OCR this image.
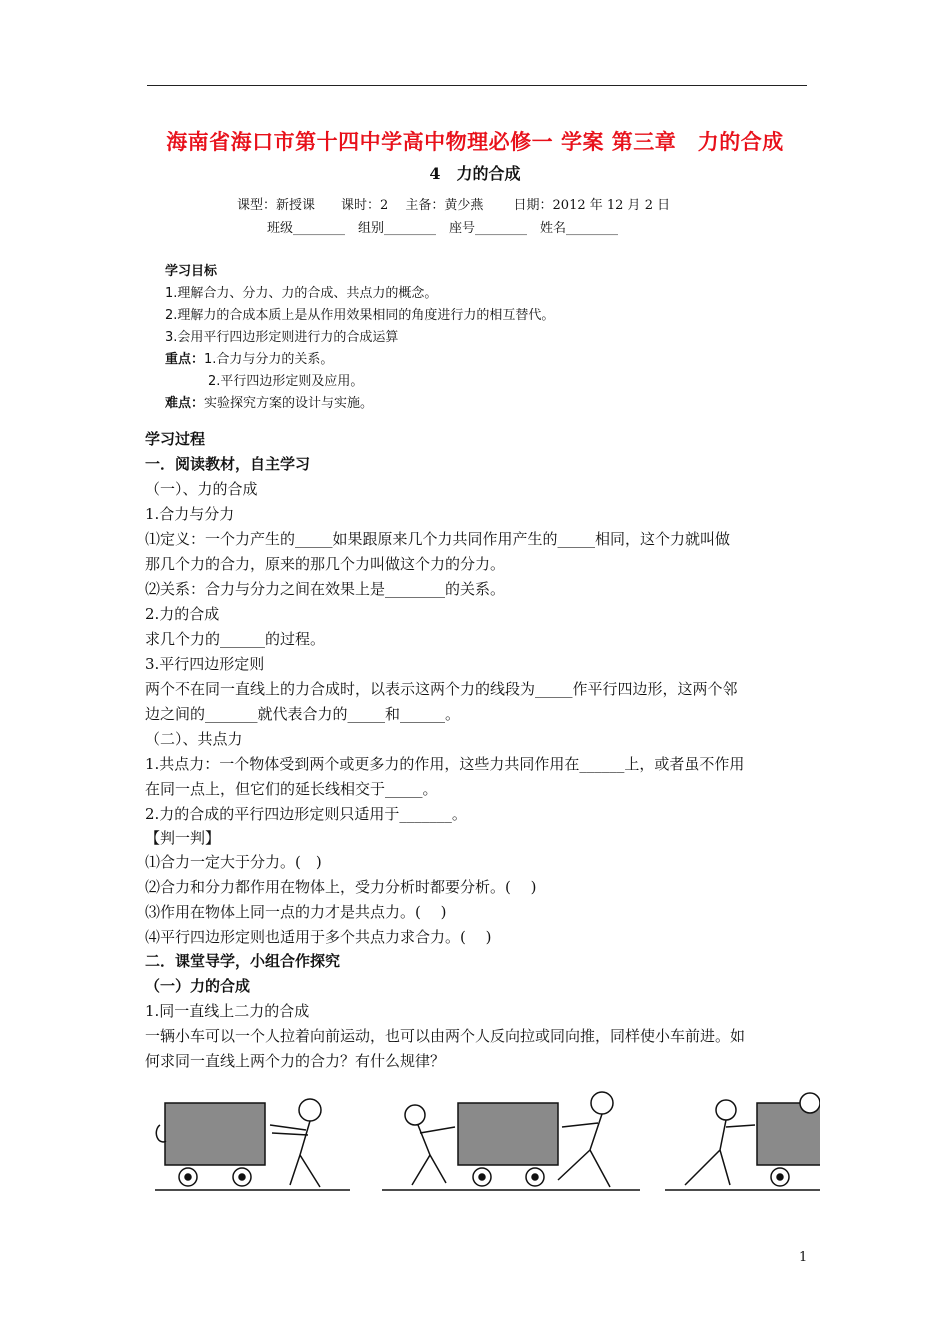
海南省海口市第十四中学高中物理必修一 学案 第三章　力的合成
4　力的合成
课型：新授课　　课时：2　 主备：黄少燕　　 日期：2012 年 12 月 2 日
班级________　组别________　座号________　姓名________
学习目标
1.理解合力、分力、力的合成、共点力的概念。
2.理解力的合成本质上是从作用效果相同的角度进行力的相互替代。
3.会用平行四边形定则进行力的合成运算
重点：1.合力与分力的关系。
2.平行四边形定则及应用。
难点：实验探究方案的设计与实施。
学习过程
一．阅读教材，自主学习
（一）、力的合成
1.合力与分力
⑴定义：一个力产生的_____如果跟原来几个力共同作用产生的_____相同，这个力就叫做
那几个力的合力，原来的那几个力叫做这个力的分力。
⑵关系：合力与分力之间在效果上是________的关系。
2.力的合成
求几个力的______的过程。
3.平行四边形定则
两个不在同一直线上的力合成时，以表示这两个力的线段为_____作平行四边形，这两个邻
边之间的_______就代表合力的_____和______。
（二）、共点力
1.共点力：一个物体受到两个或更多力的作用，这些力共同作用在______上，或者虽不作用
在同一点上，但它们的延长线相交于_____。
2.力的合成的平行四边形定则只适用于_______。
【判一判】
⑴合力一定大于分力。(　)
⑵合力和分力都作用在物体上，受力分析时都要分析。(　 )
⑶作用在物体上同一点的力才是共点力。(　 )
⑷平行四边形定则也适用于多个共点力求合力。(　 )
二．课堂导学，小组合作探究
（一）力的合成
1.同一直线上二力的合成
一辆小车可以一个人拉着向前运动，也可以由两个人反向拉或同向推，同样使小车前进。如
何求同一直线上两个力的合力？有什么规律？
1
